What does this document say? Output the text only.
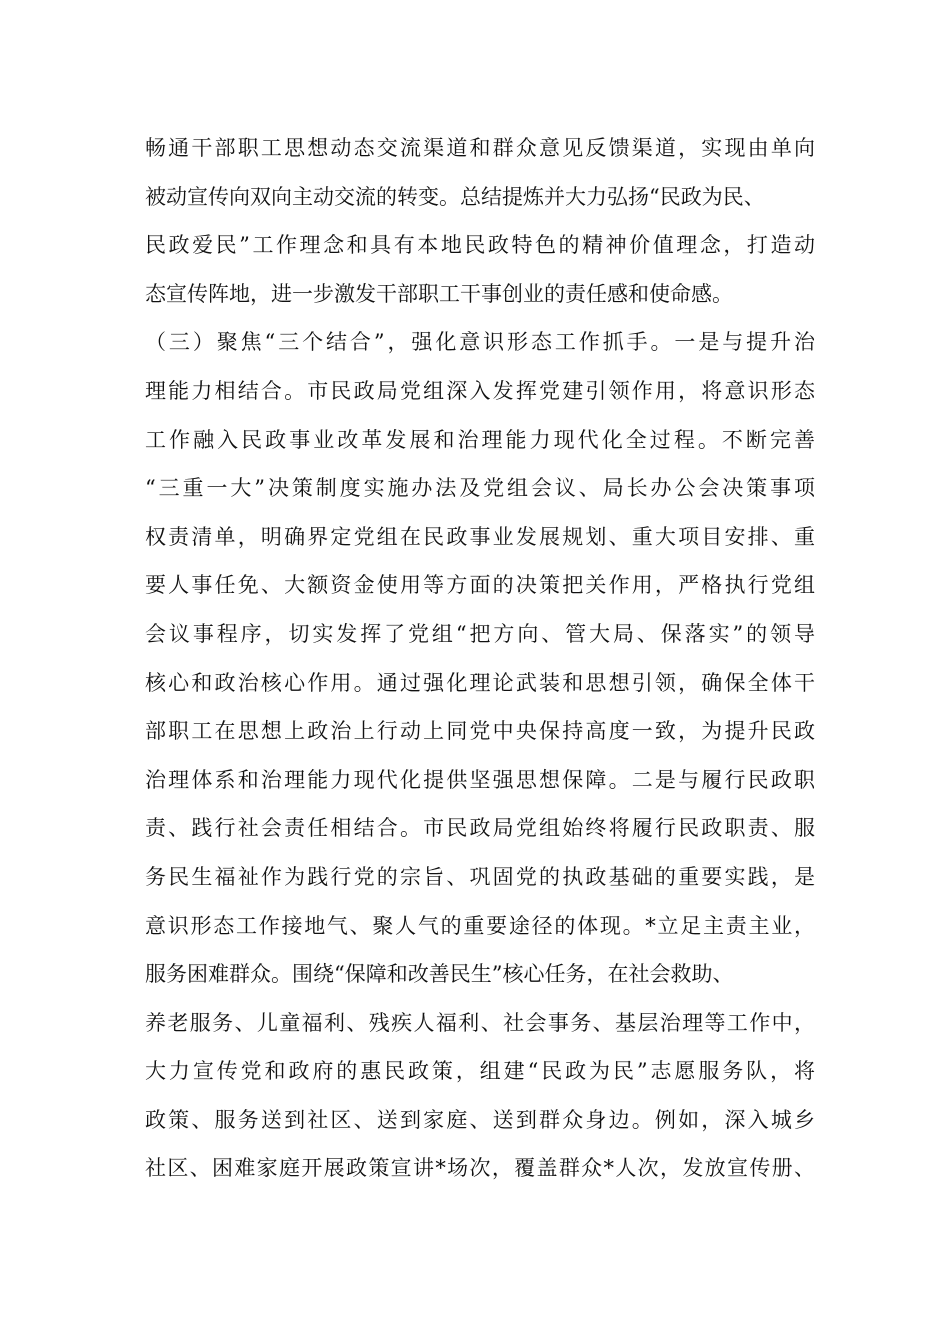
畅通干部职工思想动态交流渠道和群众意见反馈渠道，实现由单向
被动宣传向双向主动交流的转变。总结提炼并大力弘扬“民政为民、
民政爱民”工作理念和具有本地民政特色的精神价值理念，打造动
态宣传阵地，进一步激发干部职工干事创业的责任感和使命感。
（三）聚焦“三个结合”，强化意识形态工作抓手。一是与提升治
理能力相结合。市民政局党组深入发挥党建引领作用，将意识形态
工作融入民政事业改革发展和治理能力现代化全过程。不断完善
“三重一大”决策制度实施办法及党组会议、局长办公会决策事项
权责清单，明确界定党组在民政事业发展规划、重大项目安排、重
要人事任免、大额资金使用等方面的决策把关作用，严格执行党组
会议事程序，切实发挥了党组“把方向、管大局、保落实”的领导
核心和政治核心作用。通过强化理论武装和思想引领，确保全体干
部职工在思想上政治上行动上同党中央保持高度一致，为提升民政
治理体系和治理能力现代化提供坚强思想保障。二是与履行民政职
责、践行社会责任相结合。市民政局党组始终将履行民政职责、服
务民生福祉作为践行党的宗旨、巩固党的执政基础的重要实践，是
意识形态工作接地气、聚人气的重要途径的体现。*立足主责主业，
服务困难群众。围绕“保障和改善民生”核心任务，在社会救助、
养老服务、儿童福利、残疾人福利、社会事务、基层治理等工作中，
大力宣传党和政府的惠民政策，组建“民政为民”志愿服务队，将
政策、服务送到社区、送到家庭、送到群众身边。例如，深入城乡
社区、困难家庭开展政策宣讲*场次，覆盖群众*人次，发放宣传册、
